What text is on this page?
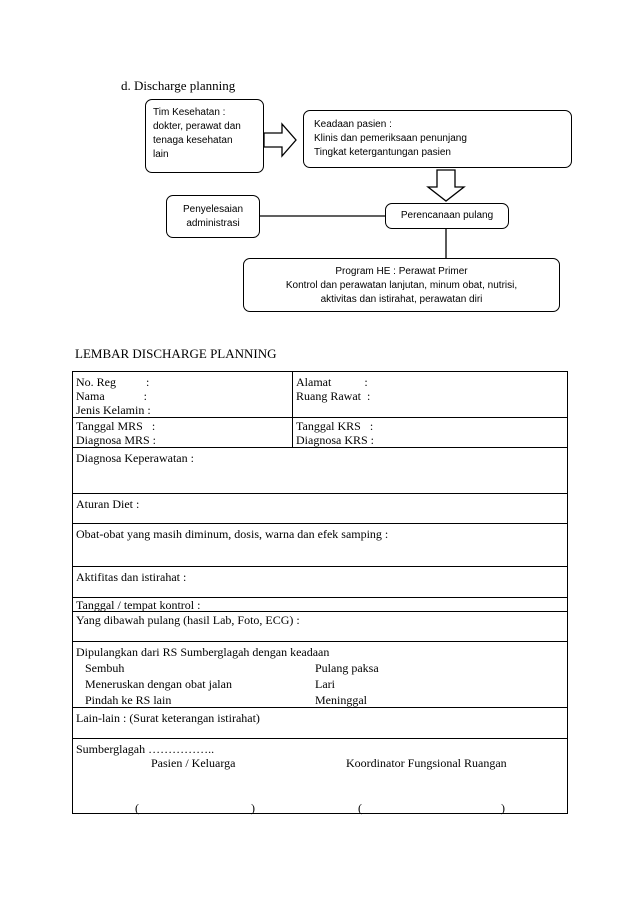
d. Discharge planning
Tim Kesehatan :
dokter, perawat dan
tenaga kesehatan
lain
Keadaan pasien :
Klinis dan pemeriksaan penunjang
Tingkat ketergantungan pasien
Penyelesaian
administrasi
Perencanaan pulang
Program HE : Perawat Primer
Kontrol dan perawatan lanjutan, minum obat, nutrisi,
aktivitas dan istirahat, perawatan diri
LEMBAR DISCHARGE PLANNING
No. Reg          :
Nama             :
Jenis Kelamin :
Alamat           :
Ruang Rawat  :
Tanggal MRS   :
Diagnosa MRS :
Tanggal KRS   :
Diagnosa KRS :
Diagnosa Keperawatan :
Aturan Diet :
Obat-obat yang masih diminum, dosis, warna dan efek samping :
Aktifitas dan istirahat :
Tanggal / tempat kontrol :
Yang dibawah pulang (hasil Lab, Foto, ECG) :
Dipulangkan dari RS Sumberglagah dengan keadaan
Sembuh	Pulang paksa
Meneruskan dengan obat jalan	Lari
Pindah ke RS lain	Meninggal
Lain-lain : (Surat keterangan istirahat)
Sumberglagah ……………..
Pasien / Keluarga	Koordinator Fungsional Ruangan
(	)	(	)
